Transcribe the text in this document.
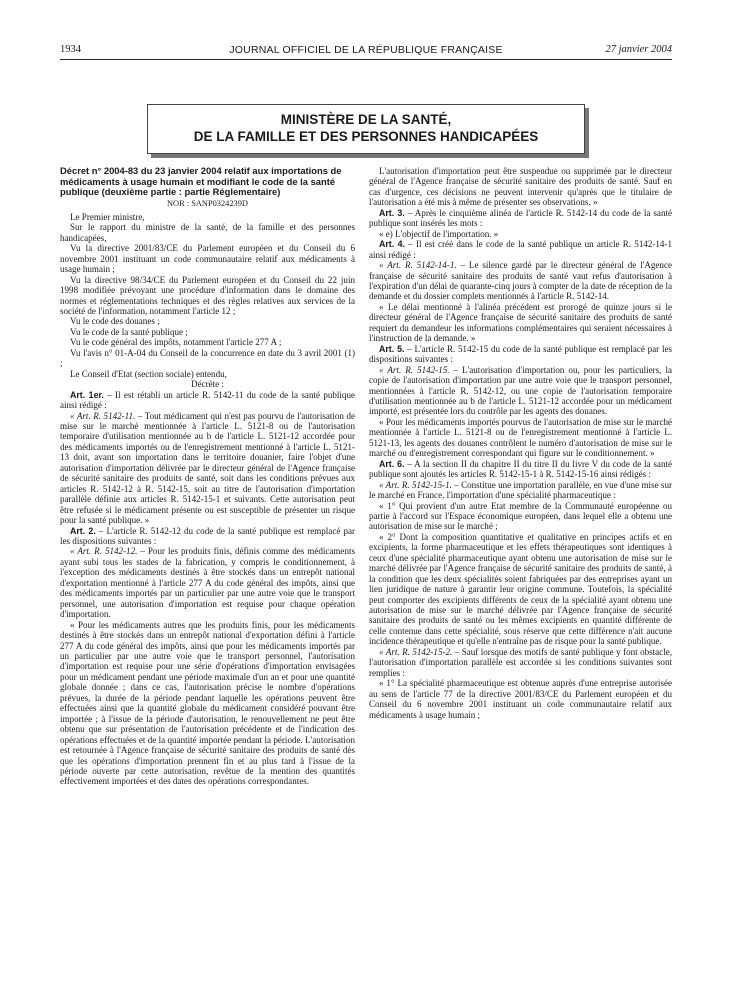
1934	JOURNAL OFFICIEL DE LA RÉPUBLIQUE FRANÇAISE	27 janvier 2004
MINISTÈRE DE LA SANTÉ,
DE LA FAMILLE ET DES PERSONNES HANDICAPÉES

Décret n° 2004-83 du 23 janvier 2004 relatif aux importations de médicaments à usage humain et modifiant le code de la santé publique (deuxième partie : partie Réglementaire)

NOR : SANP0324239D

Le Premier ministre,

Sur le rapport du ministre de la santé, de la famille et des personnes handicapées,

Vu la directive 2001/83/CE du Parlement européen et du Conseil du 6 novembre 2001 instituant un code communautaire relatif aux médicaments à usage humain ;

Vu la directive 98/34/CE du Parlement européen et du Conseil du 22 juin 1998 modifiée prévoyant une procédure d'information dans le domaine des normes et réglementations techniques et des règles relatives aux services de la société de l'information, notamment l'article 12 ;

Vu le code des douanes ;

Vu le code de la santé publique ;

Vu le code général des impôts, notamment l'article 277 A ;

Vu l'avis n° 01-A-04 du Conseil de la concurrence en date du 3 avril 2001 (1) ;

Le Conseil d'Etat (section sociale) entendu,

Décrète :

Art. 1er. – Il est rétabli un article R. 5142-11 du code de la santé publique ainsi rédigé :

« Art. R. 5142-11. – Tout médicament qui n'est pas pourvu de l'autorisation de mise sur le marché mentionnée à l'article L. 5121-8 ou de l'autorisation temporaire d'utilisation mentionnée au b de l'article L. 5121-12 accordée pour des médicaments importés ou de l'enregistrement mentionné à l'article L. 5121-13 doit, avant son importation dans le territoire douanier, faire l'objet d'une autorisation d'importation délivrée par le directeur général de l'Agence française de sécurité sanitaire des produits de santé, soit dans les conditions prévues aux articles R. 5142-12 à R. 5142-15, soit au titre de l'autorisation d'importation parallèle définie aux articles R. 5142-15-1 et suivants. Cette autorisation peut être refusée si le médicament présente ou est susceptible de présenter un risque pour la santé publique. »

Art. 2. – L'article R. 5142-12 du code de la santé publique est remplacé par les dispositions suivantes :

« Art. R. 5142-12. – Pour les produits finis, définis comme des médicaments ayant subi tous les stades de la fabrication, y compris le conditionnement, à l'exception des médicaments destinés à être stockés dans un entrepôt national d'exportation mentionné à l'article 277 A du code général des impôts, ainsi que des médicaments importés par un particulier par une autre voie que le transport personnel, une autorisation d'importation est requise pour chaque opération d'importation.

« Pour les médicaments autres que les produits finis, pour les médicaments destinés à être stockés dans un entrepôt national d'exportation défini à l'article 277 A du code général des impôts, ainsi que pour les médicaments importés par un particulier par une autre voie que le transport personnel, l'autorisation d'importation est requise pour une série d'opérations d'importation envisagées pour un médicament pendant une période maximale d'un an et pour une quantité globale donnée ; dans ce cas, l'autorisation précise le nombre d'opérations prévues, la durée de la période pendant laquelle les opérations peuvent être effectuées ainsi que la quantité globale du médicament considéré pouvant être importée ; à l'issue de la période d'autorisation, le renouvellement ne peut être obtenu que sur présentation de l'autorisation précédente et de l'indication des opérations effectuées et de la quantité importée pendant la période. L'autorisation est retournée à l'Agence française de sécurité sanitaire des produits de santé dès que les opérations d'importation prennent fin et au plus tard à l'issue de la période ouverte par cette autorisation, revêtue de la mention des quantités effectivement importées et des dates des opérations correspondantes.

L'autorisation d'importation peut être suspendue ou supprimée par le directeur général de l'Agence française de sécurité sanitaire des produits de santé. Sauf en cas d'urgence, ces décisions ne peuvent intervenir qu'après que le titulaire de l'autorisation a été mis à même de présenter ses observations. »

Art. 3. – Après le cinquième alinéa de l'article R. 5142-14 du code de la santé publique sont insérés les mots :

« e) L'objectif de l'importation. »

Art. 4. – Il est créé dans le code de la santé publique un article R. 5142-14-1 ainsi rédigé :

« Art. R. 5142-14-1. – Le silence gardé par le directeur général de l'Agence française de sécurité sanitaire des produits de santé vaut refus d'autorisation à l'expiration d'un délai de quarante-cinq jours à compter de la date de réception de la demande et du dossier complets mentionnés à l'article R. 5142-14.

« Le délai mentionné à l'alinéa précédent est prorogé de quinze jours si le directeur général de l'Agence française de sécurité sanitaire des produits de santé requiert du demandeur les informations complémentaires qui seraient nécessaires à l'instruction de la demande. »

Art. 5. – L'article R. 5142-15 du code de la santé publique est remplacé par les dispositions suivantes :

« Art. R. 5142-15. – L'autorisation d'importation ou, pour les particuliers, la copie de l'autorisation d'importation par une autre voie que le transport personnel, mentionnées à l'article R. 5142-12, ou une copie de l'autorisation temporaire d'utilisation mentionnée au b de l'article L. 5121-12 accordée pour un médicament importé, est présentée lors du contrôle par les agents des douanes.

« Pour les médicaments importés pourvus de l'autorisation de mise sur le marché mentionnée à l'article L. 5121-8 ou de l'enregistrement mentionné à l'article L. 5121-13, les agents des douanes contrôlent le numéro d'autorisation de mise sur le marché ou d'enregistrement correspondant qui figure sur le conditionnement. »

Art. 6. – A la section II du chapitre II du titre II du livre V du code de la santé publique sont ajoutés les articles R. 5142-15-1 à R. 5142-15-16 ainsi rédigés :

« Art. R. 5142-15-1. – Constitue une importation parallèle, en vue d'une mise sur le marché en France, l'importation d'une spécialité pharmaceutique :

« 1° Qui provient d'un autre Etat membre de la Communauté européenne ou partie à l'accord sur l'Espace économique européen, dans lequel elle a obtenu une autorisation de mise sur le marché ;

« 2° Dont la composition quantitative et qualitative en principes actifs et en excipients, la forme pharmaceutique et les effets thérapeutiques sont identiques à ceux d'une spécialité pharmaceutique ayant obtenu une autorisation de mise sur le marché délivrée par l'Agence française de sécurité sanitaire des produits de santé, à la condition que les deux spécialités soient fabriquées par des entreprises ayant un lien juridique de nature à garantir leur origine commune. Toutefois, la spécialité peut comporter des excipients différents de ceux de la spécialité ayant obtenu une autorisation de mise sur le marché délivrée par l'Agence française de sécurité sanitaire des produits de santé ou les mêmes excipients en quantité différente de celle contenue dans cette spécialité, sous réserve que cette différence n'ait aucune incidence thérapeutique et qu'elle n'entraîne pas de risque pour la santé publique.

« Art. R. 5142-15-2. – Sauf lorsque des motifs de santé publique y font obstacle, l'autorisation d'importation parallèle est accordée si les conditions suivantes sont remplies :

« 1° La spécialité pharmaceutique est obtenue auprès d'une entreprise autorisée au sens de l'article 77 de la directive 2001/83/CE du Parlement européen et du Conseil du 6 novembre 2001 instituant un code communautaire relatif aux médicaments à usage humain ;
